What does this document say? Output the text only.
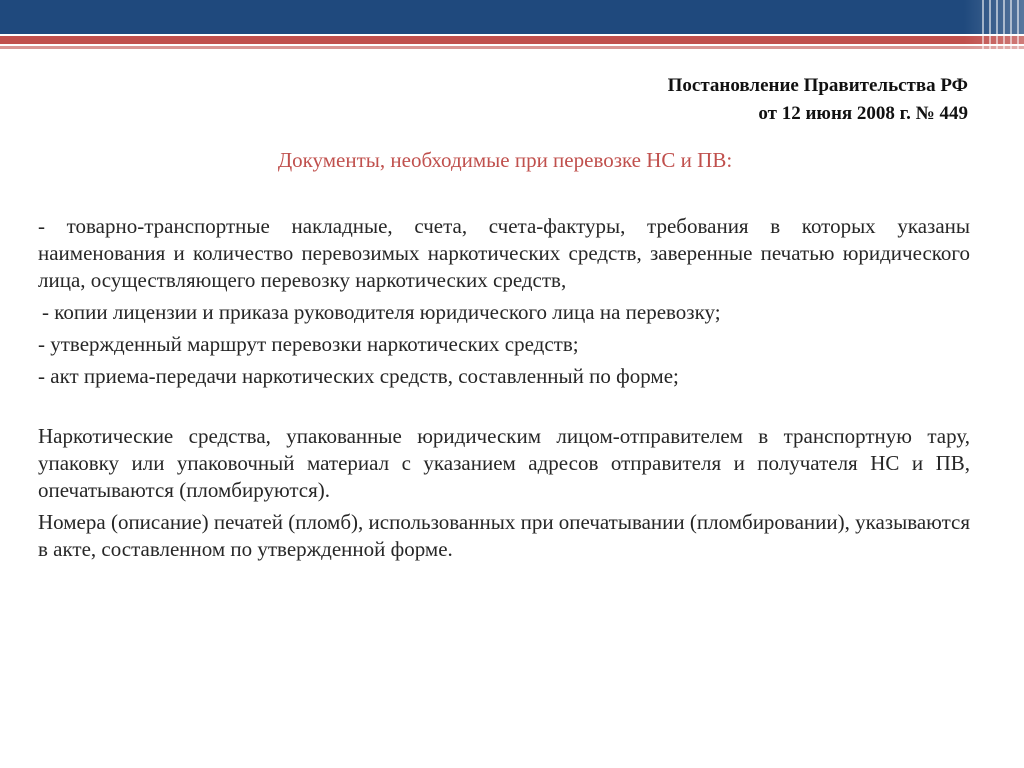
Постановление Правительства РФ
от 12 июня 2008 г. № 449
Документы, необходимые при перевозке НС и ПВ:

- товарно-транспортные накладные, счета, счета-фактуры, требования в которых указаны наименования и количество перевозимых наркотических средств, заверенные печатью юридического лица, осуществляющего перевозку наркотических средств,

- копии лицензии и приказа руководителя юридического лица на перевозку;

- утвержденный маршрут перевозки наркотических средств;

- акт приема-передачи наркотических средств, составленный по форме;

Наркотические средства, упакованные юридическим лицом-отправителем в транспортную тару, упаковку или упаковочный материал с указанием адресов отправителя и получателя НС и ПВ, опечатываются (пломбируются).

Номера (описание) печатей (пломб), использованных при опечатывании (пломбировании), указываются в акте, составленном по утвержденной форме.
